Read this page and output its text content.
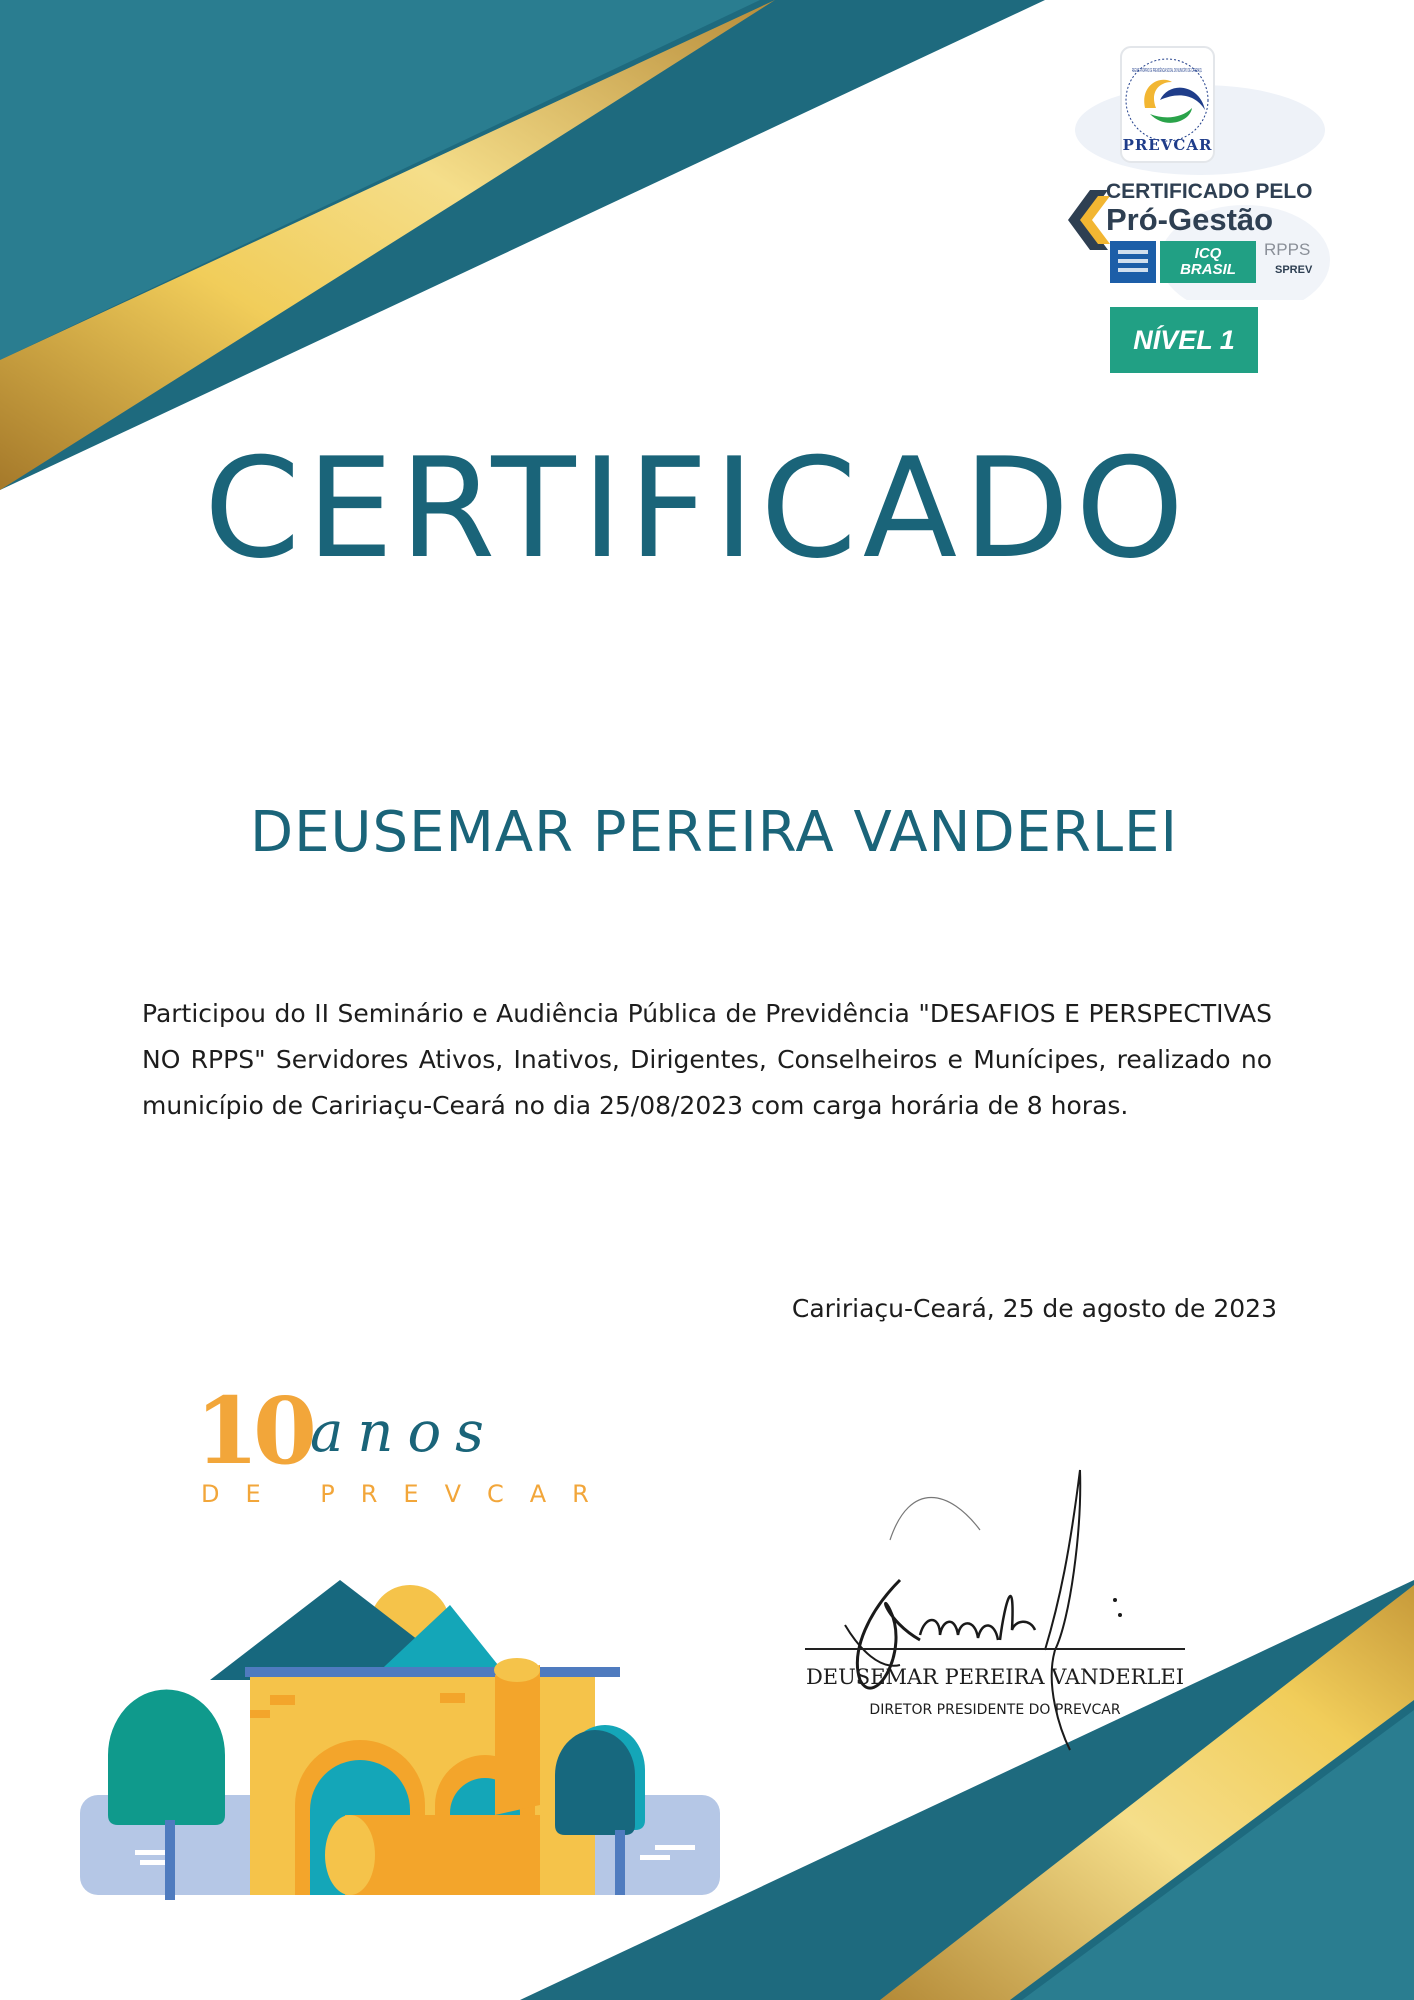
REGIME PRÓPRIO DE PREVIDÊNCIA SOCIAL DO MUNICÍPIO DE CARIRIAÇU
PREVCAR
CERTIFICADO PELO
Pró-Gestão
ICQ
BRASIL
RPPS
SPREV
NÍVEL 1
CERTIFICADO
DEUSEMAR PEREIRA VANDERLEI
Participou do II Seminário e Audiência Pública de Previdência "DESAFIOS E PERSPECTIVAS NO RPPS" Servidores Ativos, Inativos, Dirigentes, Conselheiros e Munícipes, realizado no município de Caririaçu-Ceará no dia 25/08/2023 com carga horária de 8 horas.
Caririaçu-Ceará, 25 de agosto de 2023
10
anos
DE PREVCAR
DEUSEMAR PEREIRA VANDERLEI
DIRETOR PRESIDENTE DO PREVCAR
